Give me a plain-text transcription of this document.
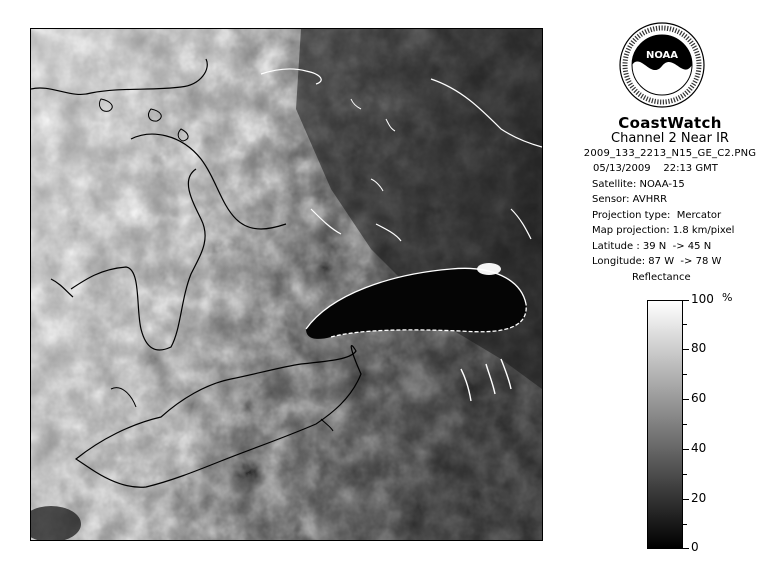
NOAA
CoastWatch
Channel 2 Near IR
2009_133_2213_N15_GE_C2.PNG
05/13/2009    22:13 GMT
Satellite: NOAA-15
Sensor: AVHRR
Projection type:  Mercator
Map projection: 1.8 km/pixel
Latitude : 39 N  -> 45 N
Longitude: 87 W  -> 78 W
Reflectance
%
100
80
60
40
20
0
